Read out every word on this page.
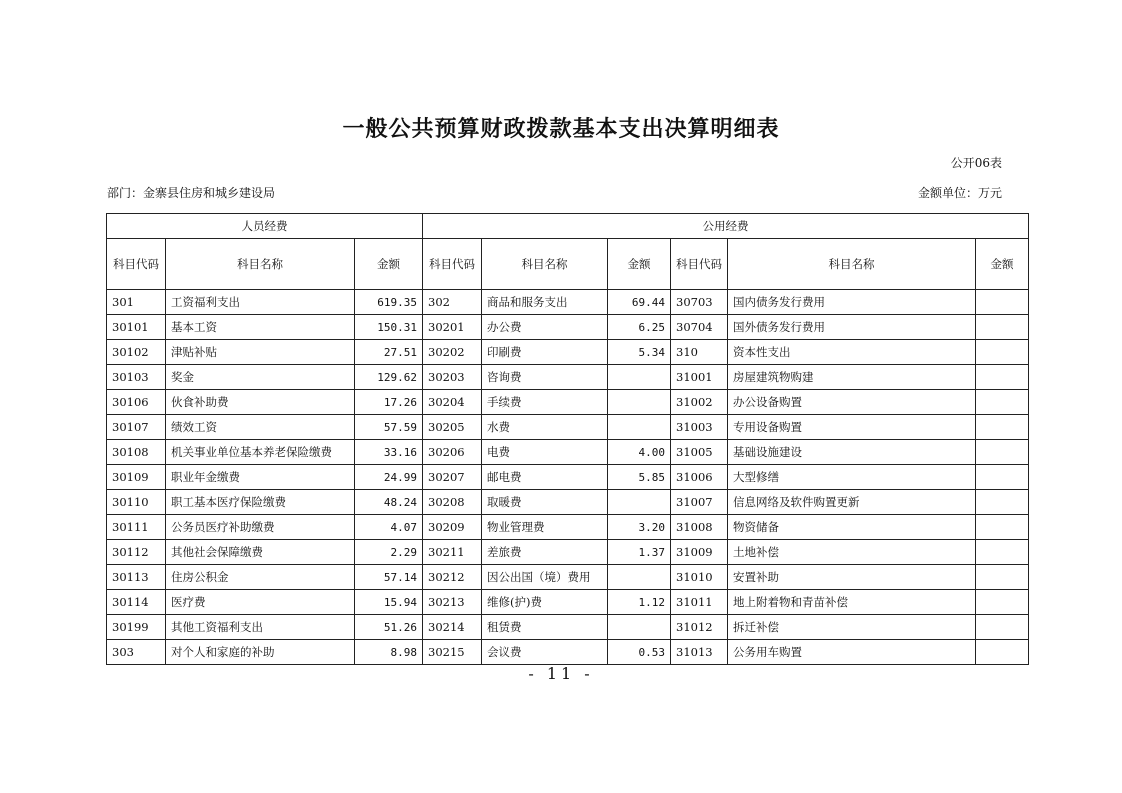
一般公共预算财政拨款基本支出决算明细表
公开06表
部门：金寨县住房和城乡建设局	金额单位：万元
人员经费			公用经费					
科目代码	科目名称	金额	科目代码	科目名称	金额	科目代码	科目名称	金额
301	工资福利支出	619.35	302	商品和服务支出	69.44	30703	国内债务发行费用	
30101	基本工资	150.31	30201	办公费	6.25	30704	国外债务发行费用	
30102	津贴补贴	27.51	30202	印刷费	5.34	310	资本性支出	
30103	奖金	129.62	30203	咨询费		31001	房屋建筑物购建	
30106	伙食补助费	17.26	30204	手续费		31002	办公设备购置	
30107	绩效工资	57.59	30205	水费		31003	专用设备购置	
30108	机关事业单位基本养老保险缴费	33.16	30206	电费	4.00	31005	基础设施建设	
30109	职业年金缴费	24.99	30207	邮电费	5.85	31006	大型修缮	
30110	职工基本医疗保险缴费	48.24	30208	取暖费		31007	信息网络及软件购置更新	
30111	公务员医疗补助缴费	4.07	30209	物业管理费	3.20	31008	物资储备	
30112	其他社会保障缴费	2.29	30211	差旅费	1.37	31009	土地补偿	
30113	住房公积金	57.14	30212	因公出国（境）费用		31010	安置补助	
30114	医疗费	15.94	30213	维修(护)费	1.12	31011	地上附着物和青苗补偿	
30199	其他工资福利支出	51.26	30214	租赁费		31012	拆迁补偿	
303	对个人和家庭的补助	8.98	30215	会议费	0.53	31013	公务用车购置	
- 11 -
